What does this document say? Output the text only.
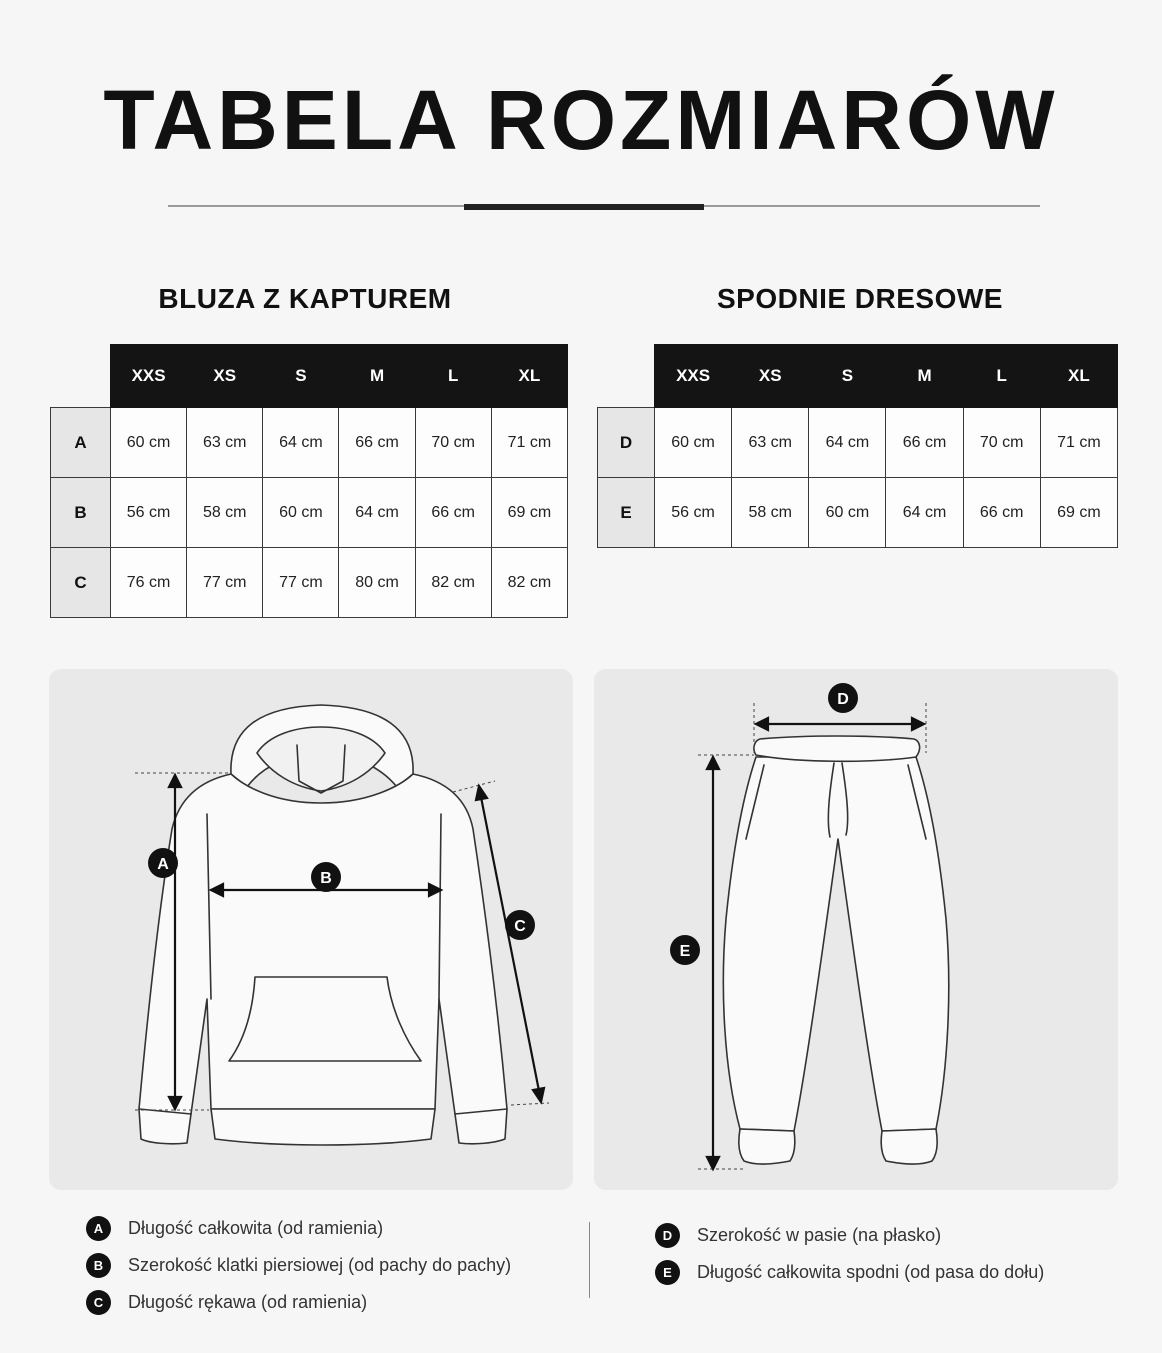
TABELA ROZMIARÓW
BLUZA Z KAPTUREM	SPODNIE DRESOWE
	XXS	XS	S	M	L	XL
A	60 cm	63 cm	64 cm	66 cm	70 cm	71 cm
B	56 cm	58 cm	60 cm	64 cm	66 cm	69 cm
C	76 cm	77 cm	77 cm	80 cm	82 cm	82 cm
	XXS	XS	S	M	L	XL
D	60 cm	63 cm	64 cm	66 cm	70 cm	71 cm
E	56 cm	58 cm	60 cm	64 cm	66 cm	69 cm
A
B
C
D
E
A	Długość całkowita (od ramienia)
B	Szerokość klatki piersiowej (od pachy do pachy)
C	Długość rękawa (od ramienia)
D	Szerokość w pasie (na płasko)
E	Długość całkowita spodni (od pasa do dołu)
